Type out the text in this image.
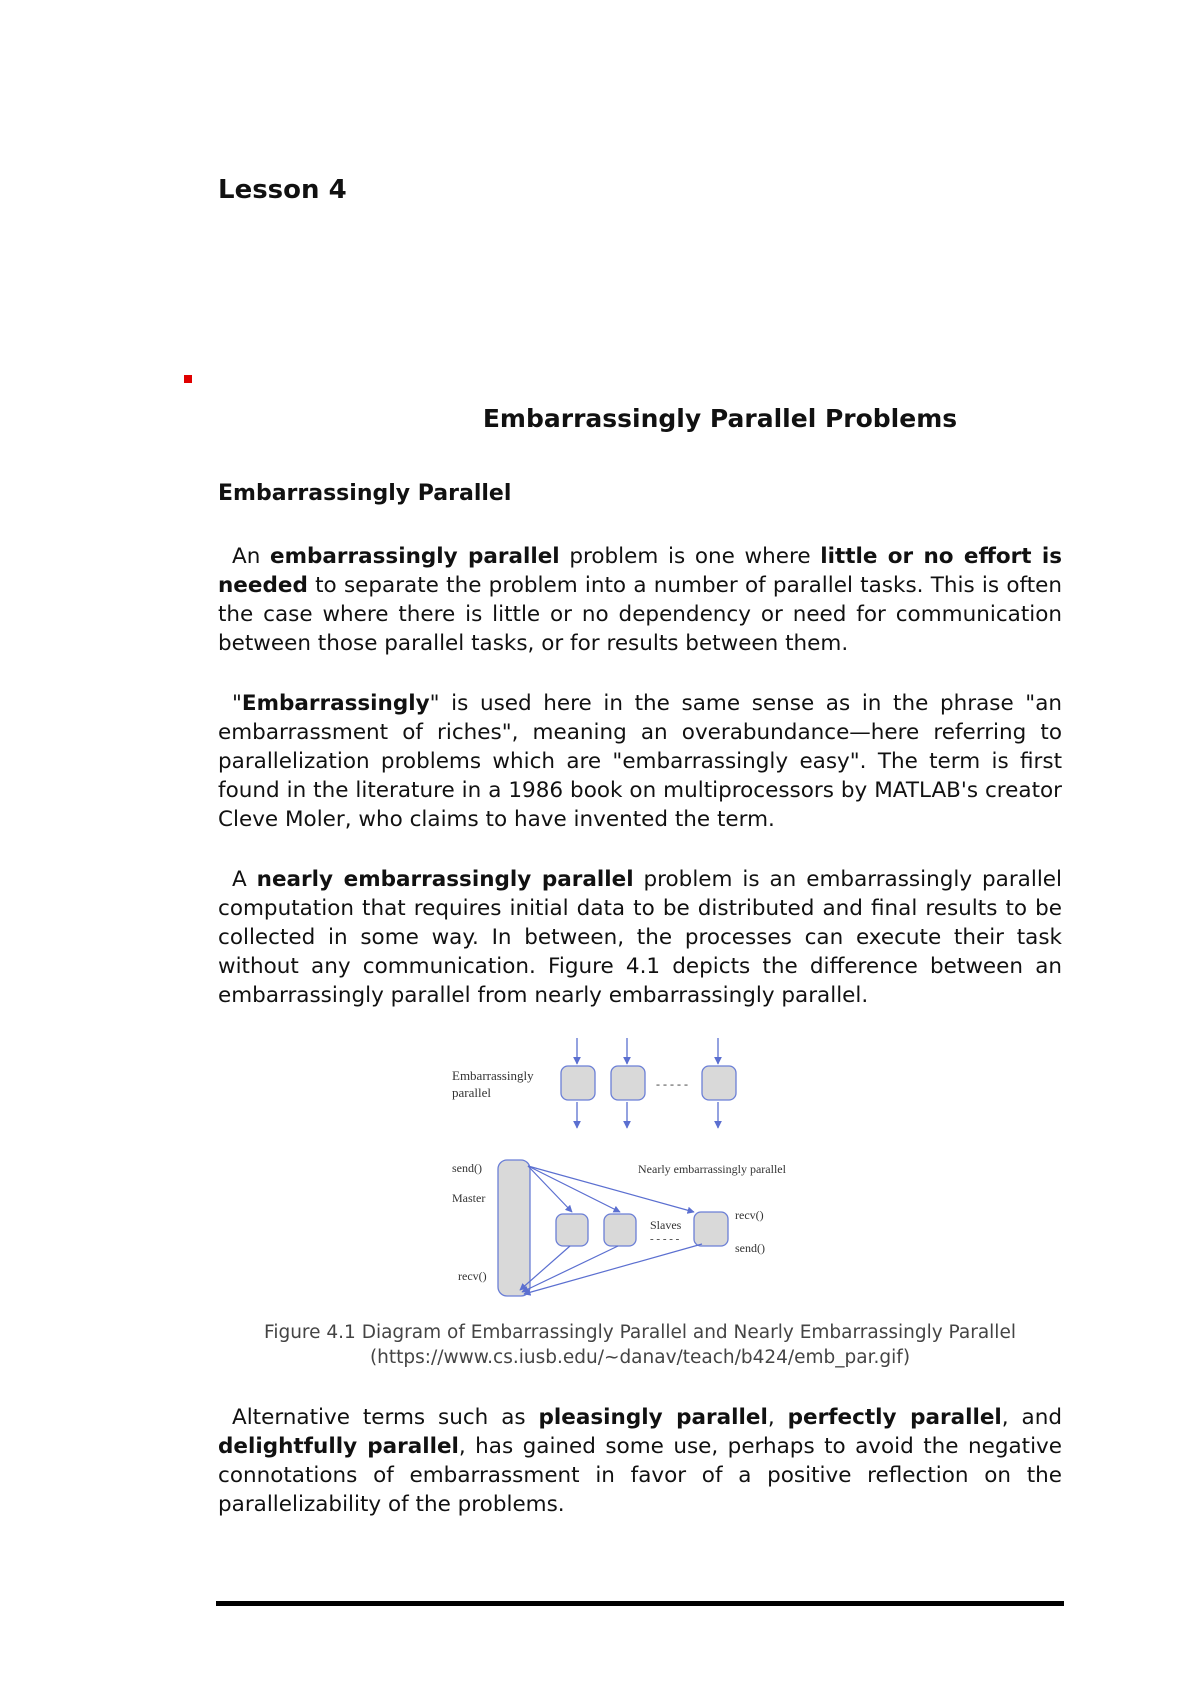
Lesson 4
Embarrassingly Parallel Problems
Embarrassingly Parallel

An embarrassingly parallel problem is one where little or no effort is needed to separate the problem into a number of parallel tasks. This is often the case where there is little or no dependency or need for communication between those parallel tasks, or for results between them.

"Embarrassingly" is used here in the same sense as in the phrase "an embarrassment of riches", meaning an overabundance—here referring to parallelization problems which are "embarrassingly easy". The term is first found in the literature in a 1986 book on multiprocessors by MATLAB's creator Cleve Moler, who claims to have invented the term.

A nearly embarrassingly parallel problem is an embarrassingly parallel computation that requires initial data to be distributed and final results to be collected in some way. In between, the processes can execute their task without any communication. Figure 4.1 depicts the difference between an embarrassingly parallel from nearly embarrassingly parallel.

Embarrassingly
parallel
- - - - -
send()
Master
recv()
Nearly embarrassingly parallel
Slaves
- - - - -
recv()
send()

Figure 4.1 Diagram of Embarrassingly Parallel and Nearly Embarrassingly Parallel
(https://www.cs.iusb.edu/~danav/teach/b424/emb_par.gif)

Alternative terms such as pleasingly parallel, perfectly parallel, and delightfully parallel, has gained some use, perhaps to avoid the negative connotations of embarrassment in favor of a positive reflection on the parallelizability of the problems.
